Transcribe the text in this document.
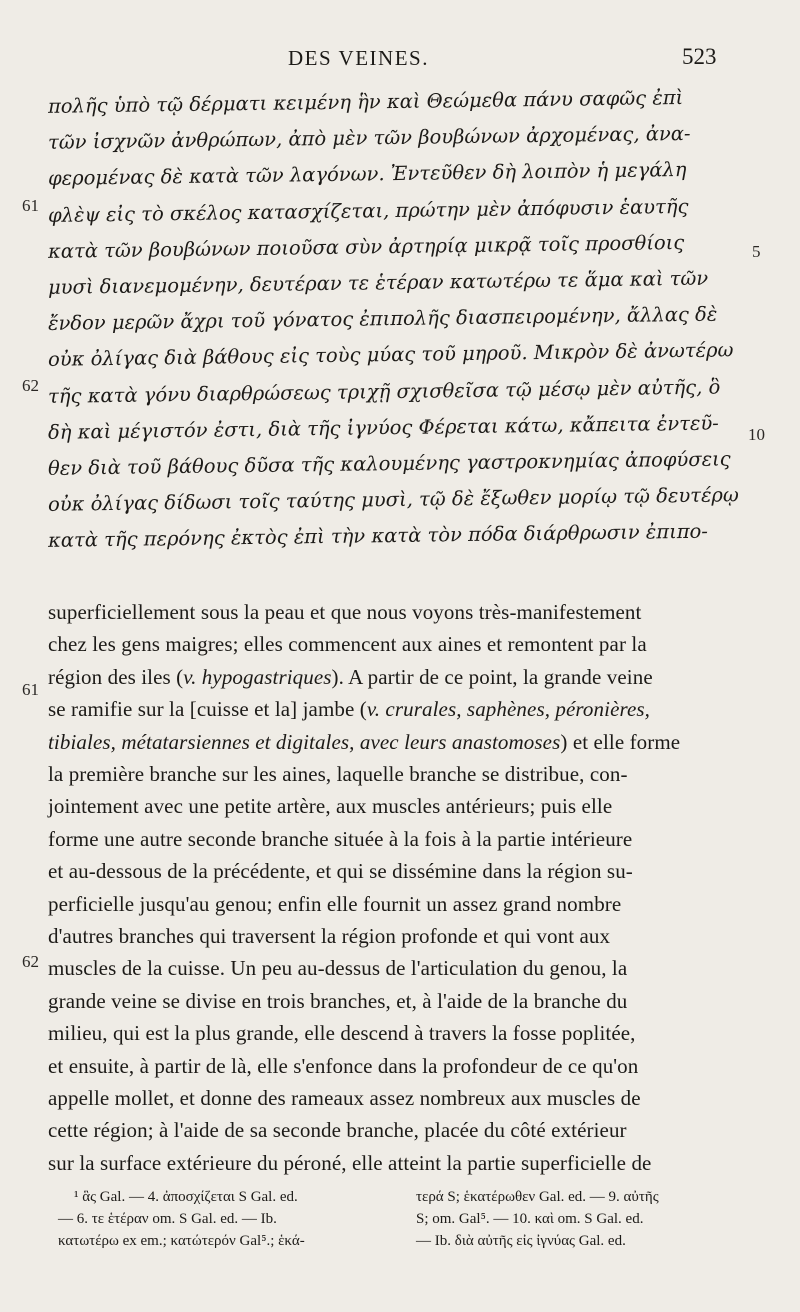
DES VEINES.	523
πολῆς ὑπὸ τῷ δέρματι κειμένη ἣν καὶ Θεώμεθα πάνυ σαφῶς ἐπὶ
τῶν ἰσχνῶν ἀνθρώπων, ἀπὸ μὲν τῶν βουβώνων ἀρχομένας, ἀνα-
φερομένας δὲ κατὰ τῶν λαγόνων. Ἐντεῦθεν δὴ λοιπὸν ἡ μεγάλη
φλὲψ εἰς τὸ σκέλος κατασχίζεται, πρώτην μὲν ἀπόφυσιν ἑαυτῆς
κατὰ τῶν βουβώνων ποιοῦσα σὺν ἀρτηρίᾳ μικρᾷ τοῖς προσθίοις
μυσὶ διανεμομένην, δευτέραν τε ἑτέραν κατωτέρω τε ἅμα καὶ τῶν
ἔνδον μερῶν ἄχρι τοῦ γόνατος ἐπιπολῆς διασπειρομένην, ἄλλας δὲ
οὐκ ὀλίγας διὰ βάθους εἰς τοὺς μύας τοῦ μηροῦ. Μικρὸν δὲ ἀνωτέρω
τῆς κατὰ γόνυ διαρθρώσεως τριχῇ σχισθεῖσα τῷ μέσῳ μὲν αὐτῆς, ὃ
δὴ καὶ μέγιστόν ἐστι, διὰ τῆς ἰγνύος Φέρεται κάτω, κἄπειτα ἐντεῦ-
θεν διὰ τοῦ βάθους δῦσα τῆς καλουμένης γαστροκνημίας ἀποφύσεις
οὐκ ὀλίγας δίδωσι τοῖς ταύτης μυσὶ, τῷ δὲ ἔξωθεν μορίῳ τῷ δευτέρῳ
κατὰ τῆς περόνης ἐκτὸς ἐπὶ τὴν κατὰ τὸν πόδα διάρθρωσιν ἐπιπο-
61
62
5
10
superficiellement sous la peau et que nous voyons très-manifestement
chez les gens maigres; elles commencent aux aines et remontent par la
région des iles (v. hypogastriques). A partir de ce point, la grande veine
se ramifie sur la [cuisse et la] jambe (v. crurales, saphènes, péronières,
tibiales, métatarsiennes et digitales, avec leurs anastomoses) et elle forme
la première branche sur les aines, laquelle branche se distribue, con-
jointement avec une petite artère, aux muscles antérieurs; puis elle
forme une autre seconde branche située à la fois à la partie intérieure
et au-dessous de la précédente, et qui se dissémine dans la région su-
perficielle jusqu'au genou; enfin elle fournit un assez grand nombre
d'autres branches qui traversent la région profonde et qui vont aux
muscles de la cuisse. Un peu au-dessus de l'articulation du genou, la
grande veine se divise en trois branches, et, à l'aide de la branche du
milieu, qui est la plus grande, elle descend à travers la fosse poplitée,
et ensuite, à partir de là, elle s'enfonce dans la profondeur de ce qu'on
appelle mollet, et donne des rameaux assez nombreux aux muscles de
cette région; à l'aide de sa seconde branche, placée du côté extérieur
sur la surface extérieure du péroné, elle atteint la partie superficielle de
61
62
¹ ἃς Gal. — 4. ἀποσχίζεται S Gal. ed.
— 6. τε ἑτέραν om. S Gal. ed. — Ib.
κατωτέρω ex em.; κατώτερόν Gal⁵.; ἑκά-
τερά S; ἑκατέρωθεν Gal. ed. — 9. αὐτῆς
S; om. Gal⁵. — 10. καὶ om. S Gal. ed.
— Ib. διὰ αὐτῆς εἰς ἰγνύας Gal. ed.
